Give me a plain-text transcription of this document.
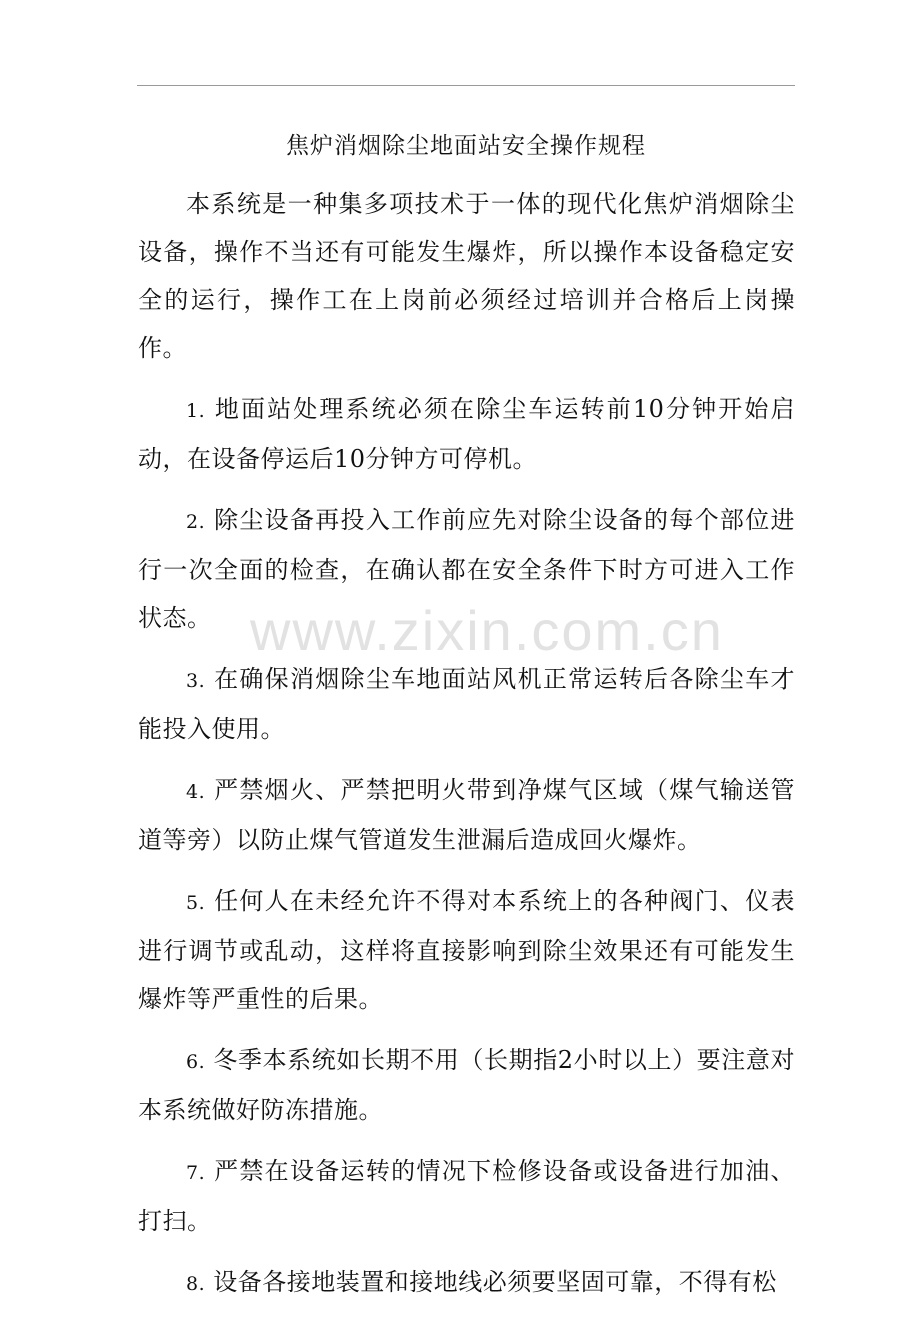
焦炉消烟除尘地面站安全操作规程

本系统是一种集多项技术于一体的现代化焦炉消烟除尘设备，操作不当还有可能发生爆炸，所以操作本设备稳定安全的运行，操作工在上岗前必须经过培训并合格后上岗操作。

1. 地面站处理系统必须在除尘车运转前10分钟开始启动，在设备停运后10分钟方可停机。

2. 除尘设备再投入工作前应先对除尘设备的每个部位进行一次全面的检查，在确认都在安全条件下时方可进入工作状态。

3. 在确保消烟除尘车地面站风机正常运转后各除尘车才能投入使用。

4. 严禁烟火、严禁把明火带到净煤气区域（煤气输送管道等旁）以防止煤气管道发生泄漏后造成回火爆炸。

5. 任何人在未经允许不得对本系统上的各种阀门、仪表进行调节或乱动，这样将直接影响到除尘效果还有可能发生爆炸等严重性的后果。

6. 冬季本系统如长期不用（长期指2小时以上）要注意对本系统做好防冻措施。

7. 严禁在设备运转的情况下检修设备或设备进行加油、打扫。

8. 设备各接地装置和接地线必须要坚固可靠，不得有松

www.zixin.com.cn
